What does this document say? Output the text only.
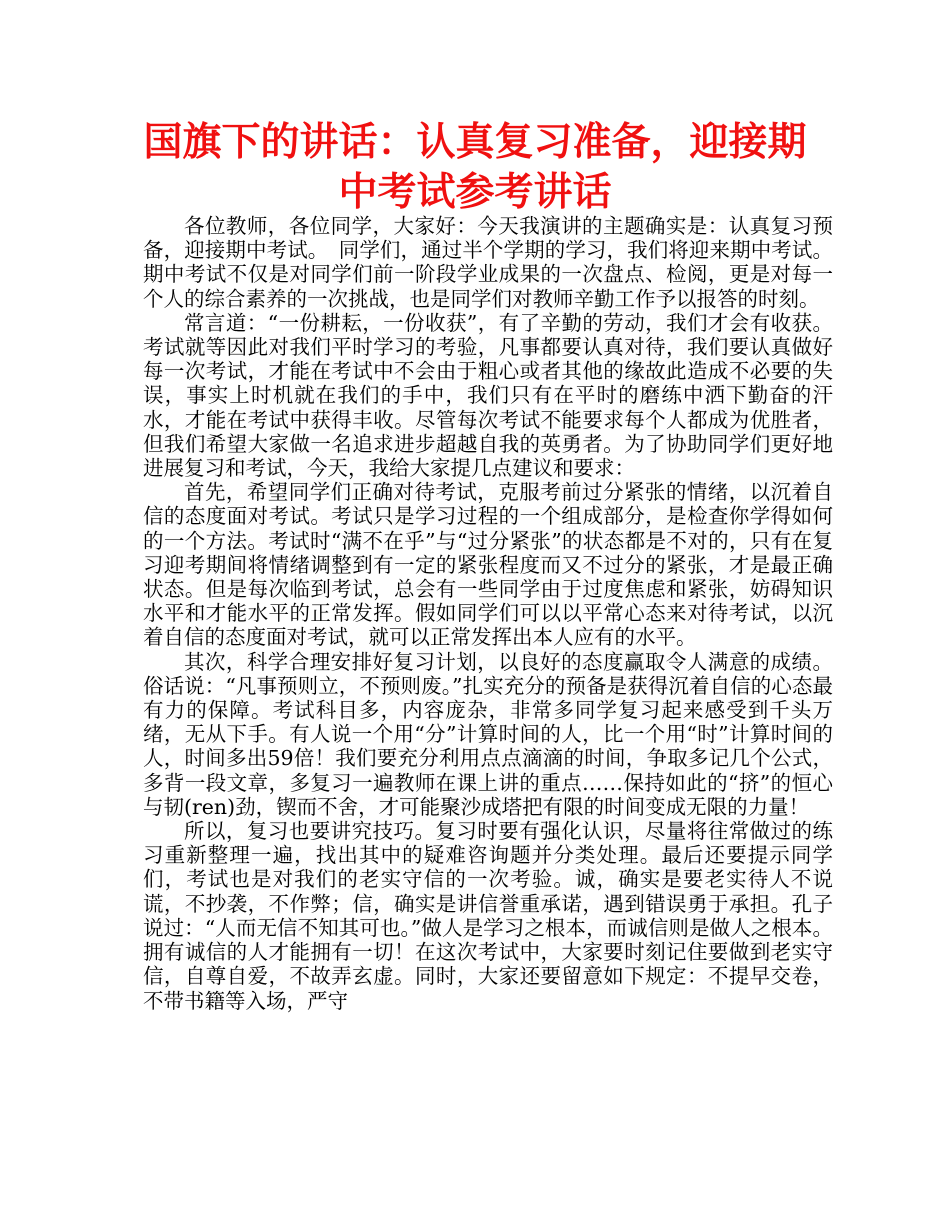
国旗下的讲话：认真复习准备，迎接期中考试参考讲话

各位教师，各位同学，大家好：今天我演讲的主题确实是：认真复习预备，迎接期中考试。　同学们，通过半个学期的学习，我们将迎来期中考试。期中考试不仅是对同学们前一阶段学业成果的一次盘点、检阅，更是对每一个人的综合素养的一次挑战，也是同学们对教师辛勤工作予以报答的时刻。

常言道：“一份耕耘，一份收获”，有了辛勤的劳动，我们才会有收获。考试就等因此对我们平时学习的考验，凡事都要认真对待，我们要认真做好每一次考试，才能在考试中不会由于粗心或者其他的缘故此造成不必要的失误，事实上时机就在我们的手中，我们只有在平时的磨练中洒下勤奋的汗水，才能在考试中获得丰收。尽管每次考试不能要求每个人都成为优胜者，但我们希望大家做一名追求进步超越自我的英勇者。为了协助同学们更好地进展复习和考试，今天，我给大家提几点建议和要求：

首先，希望同学们正确对待考试，克服考前过分紧张的情绪，以沉着自信的态度面对考试。考试只是学习过程的一个组成部分，是检查你学得如何的一个方法。考试时“满不在乎”与“过分紧张”的状态都是不对的，只有在复习迎考期间将情绪调整到有一定的紧张程度而又不过分的紧张，才是最正确状态。但是每次临到考试，总会有一些同学由于过度焦虑和紧张，妨碍知识水平和才能水平的正常发挥。假如同学们可以以平常心态来对待考试，以沉着自信的态度面对考试，就可以正常发挥出本人应有的水平。

其次，科学合理安排好复习计划，以良好的态度赢取令人满意的成绩。俗话说：“凡事预则立，不预则废。”扎实充分的预备是获得沉着自信的心态最有力的保障。考试科目多，内容庞杂，非常多同学复习起来感受到千头万绪，无从下手。有人说一个用“分”计算时间的人，比一个用“时”计算时间的人，时间多出59倍！我们要充分利用点点滴滴的时间，争取多记几个公式，多背一段文章，多复习一遍教师在课上讲的重点……保持如此的“挤”的恒心与韧(ren)劲，锲而不舍，才可能聚沙成塔把有限的时间变成无限的力量！

所以，复习也要讲究技巧。复习时要有强化认识，尽量将往常做过的练习重新整理一遍，找出其中的疑难咨询题并分类处理。最后还要提示同学们，考试也是对我们的老实守信的一次考验。诚，确实是要老实待人不说谎，不抄袭，不作弊；信，确实是讲信誉重承诺，遇到错误勇于承担。孔子说过：“人而无信不知其可也。”做人是学习之根本，而诚信则是做人之根本。拥有诚信的人才能拥有一切！在这次考试中，大家要时刻记住要做到老实守信，自尊自爱，不故弄玄虚。同时，大家还要留意如下规定：不提早交卷，不带书籍等入场，严守
